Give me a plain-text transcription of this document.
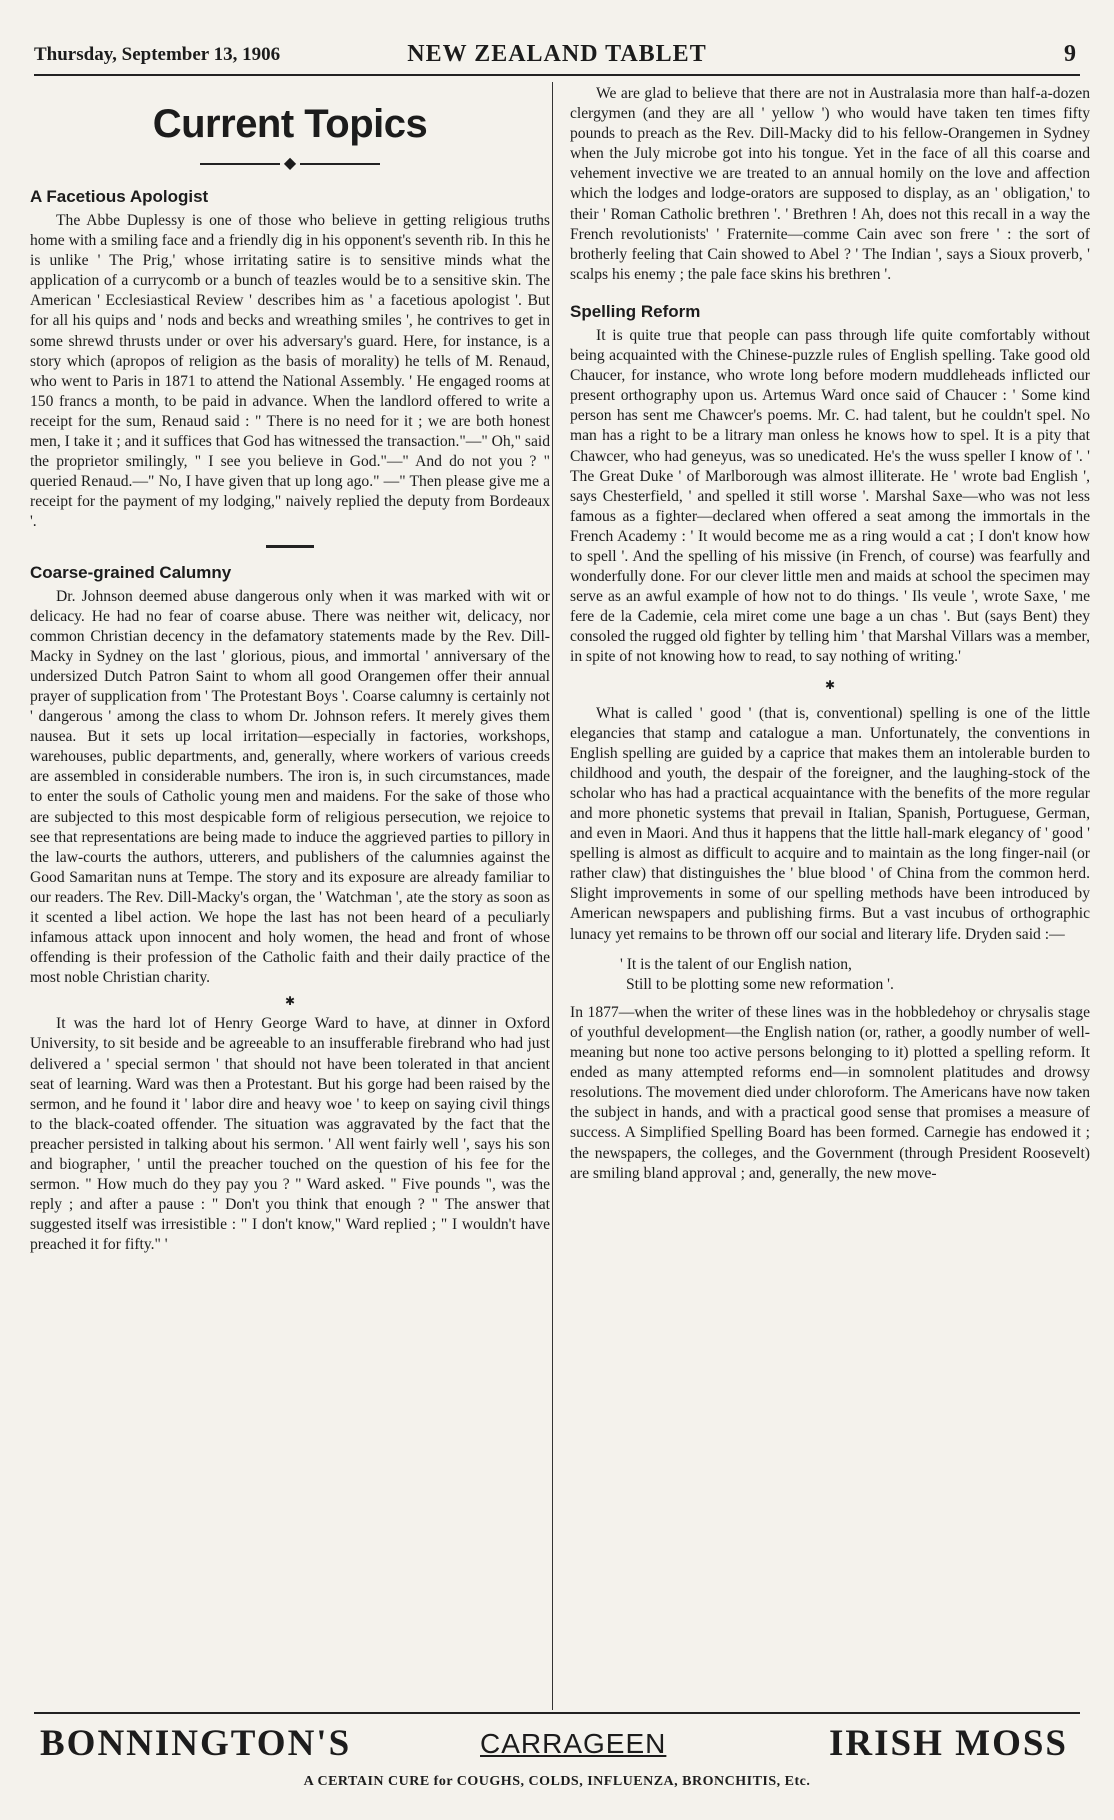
Thursday, September 13, 1906	NEW ZEALAND TABLET	9
Current Topics
◆
A Facetious Apologist

The Abbe Duplessy is one of those who believe in getting religious truths home with a smiling face and a friendly dig in his opponent's seventh rib. In this he is unlike ' The Prig,' whose irritating satire is to sensitive minds what the application of a currycomb or a bunch of teazles would be to a sensitive skin. The American ' Ecclesiastical Review ' describes him as ' a facetious apologist '. But for all his quips and ' nods and becks and wreathing smiles ', he contrives to get in some shrewd thrusts under or over his adversary's guard. Here, for instance, is a story which (apropos of religion as the basis of morality) he tells of M. Renaud, who went to Paris in 1871 to attend the National Assembly. ' He engaged rooms at 150 francs a month, to be paid in advance. When the landlord offered to write a receipt for the sum, Renaud said : " There is no need for it ; we are both honest men, I take it ; and it suffices that God has witnessed the transaction."—" Oh," said the proprietor smilingly, " I see you believe in God."—" And do not you ? " queried Renaud.—" No, I have given that up long ago." —" Then please give me a receipt for the payment of my lodging," naively replied the deputy from Bordeaux '.

Coarse-grained Calumny

Dr. Johnson deemed abuse dangerous only when it was marked with wit or delicacy. He had no fear of coarse abuse. There was neither wit, delicacy, nor common Christian decency in the defamatory statements made by the Rev. Dill-Macky in Sydney on the last ' glorious, pious, and immortal ' anniversary of the undersized Dutch Patron Saint to whom all good Orangemen offer their annual prayer of supplication from ' The Protestant Boys '. Coarse calumny is certainly not ' dangerous ' among the class to whom Dr. Johnson refers. It merely gives them nausea. But it sets up local irritation—especially in factories, workshops, warehouses, public departments, and, generally, where workers of various creeds are assembled in considerable numbers. The iron is, in such circumstances, made to enter the souls of Catholic young men and maidens. For the sake of those who are subjected to this most despicable form of religious persecution, we rejoice to see that representations are being made to induce the aggrieved parties to pillory in the law-courts the authors, utterers, and publishers of the calumnies against the Good Samaritan nuns at Tempe. The story and its exposure are already familiar to our readers. The Rev. Dill-Macky's organ, the ' Watchman ', ate the story as soon as it scented a libel action. We hope the last has not been heard of a peculiarly infamous attack upon innocent and holy women, the head and front of whose offending is their profession of the Catholic faith and their daily practice of the most noble Christian charity.

✱

It was the hard lot of Henry George Ward to have, at dinner in Oxford University, to sit beside and be agreeable to an insufferable firebrand who had just delivered a ' special sermon ' that should not have been tolerated in that ancient seat of learning. Ward was then a Protestant. But his gorge had been raised by the sermon, and he found it ' labor dire and heavy woe ' to keep on saying civil things to the black-coated offender. The situation was aggravated by the fact that the preacher persisted in talking about his sermon. ' All went fairly well ', says his son and biographer, ' until the preacher touched on the question of his fee for the sermon. " How much do they pay you ? " Ward asked. " Five pounds ", was the reply ; and after a pause : " Don't you think that enough ? " The answer that suggested itself was irresistible : " I don't know," Ward replied ; " I wouldn't have preached it for fifty." '

We are glad to believe that there are not in Australasia more than half-a-dozen clergymen (and they are all ' yellow ') who would have taken ten times fifty pounds to preach as the Rev. Dill-Macky did to his fellow-Orangemen in Sydney when the July microbe got into his tongue. Yet in the face of all this coarse and vehement invective we are treated to an annual homily on the love and affection which the lodges and lodge-orators are supposed to display, as an ' obligation,' to their ' Roman Catholic brethren '. ' Brethren ! Ah, does not this recall in a way the French revolutionists' ' Fraternite—comme Cain avec son frere ' : the sort of brotherly feeling that Cain showed to Abel ? ' The Indian ', says a Sioux proverb, ' scalps his enemy ; the pale face skins his brethren '.

Spelling Reform

It is quite true that people can pass through life quite comfortably without being acquainted with the Chinese-puzzle rules of English spelling. Take good old Chaucer, for instance, who wrote long before modern muddleheads inflicted our present orthography upon us. Artemus Ward once said of Chaucer : ' Some kind person has sent me Chawcer's poems. Mr. C. had talent, but he couldn't spel. No man has a right to be a litrary man onless he knows how to spel. It is a pity that Chawcer, who had geneyus, was so unedicated. He's the wuss speller I know of '. ' The Great Duke ' of Marlborough was almost illiterate. He ' wrote bad English ', says Chesterfield, ' and spelled it still worse '. Marshal Saxe—who was not less famous as a fighter—declared when offered a seat among the immortals in the French Academy : ' It would become me as a ring would a cat ; I don't know how to spell '. And the spelling of his missive (in French, of course) was fearfully and wonderfully done. For our clever little men and maids at school the specimen may serve as an awful example of how not to do things. ' Ils veule ', wrote Saxe, ' me fere de la Cademie, cela miret come une bage a un chas '. But (says Bent) they consoled the rugged old fighter by telling him ' that Marshal Villars was a member, in spite of not knowing how to read, to say nothing of writing.'

✱

What is called ' good ' (that is, conventional) spelling is one of the little elegancies that stamp and catalogue a man. Unfortunately, the conventions in English spelling are guided by a caprice that makes them an intolerable burden to childhood and youth, the despair of the foreigner, and the laughing-stock of the scholar who has had a practical acquaintance with the benefits of the more regular and more phonetic systems that prevail in Italian, Spanish, Portuguese, German, and even in Maori. And thus it happens that the little hall-mark elegancy of ' good ' spelling is almost as difficult to acquire and to maintain as the long finger-nail (or rather claw) that distinguishes the ' blue blood ' of China from the common herd. Slight improvements in some of our spelling methods have been introduced by American newspapers and publishing firms. But a vast incubus of orthographic lunacy yet remains to be thrown off our social and literary life. Dryden said :—

' It is the talent of our English nation,
Still to be plotting some new reformation '.

In 1877—when the writer of these lines was in the hobbledehoy or chrysalis stage of youthful development—the English nation (or, rather, a goodly number of well-meaning but none too active persons belonging to it) plotted a spelling reform. It ended as many attempted reforms end—in somnolent platitudes and drowsy resolutions. The movement died under chloroform. The Americans have now taken the subject in hands, and with a practical good sense that promises a measure of success. A Simplified Spelling Board has been formed. Carnegie has endowed it ; the newspapers, the colleges, and the Government (through President Roosevelt) are smiling bland approval ; and, generally, the new move-

BONNINGTON'S	CARRAGEEN	IRISH MOSS
A CERTAIN CURE for COUGHS, COLDS, INFLUENZA, BRONCHITIS, Etc.
